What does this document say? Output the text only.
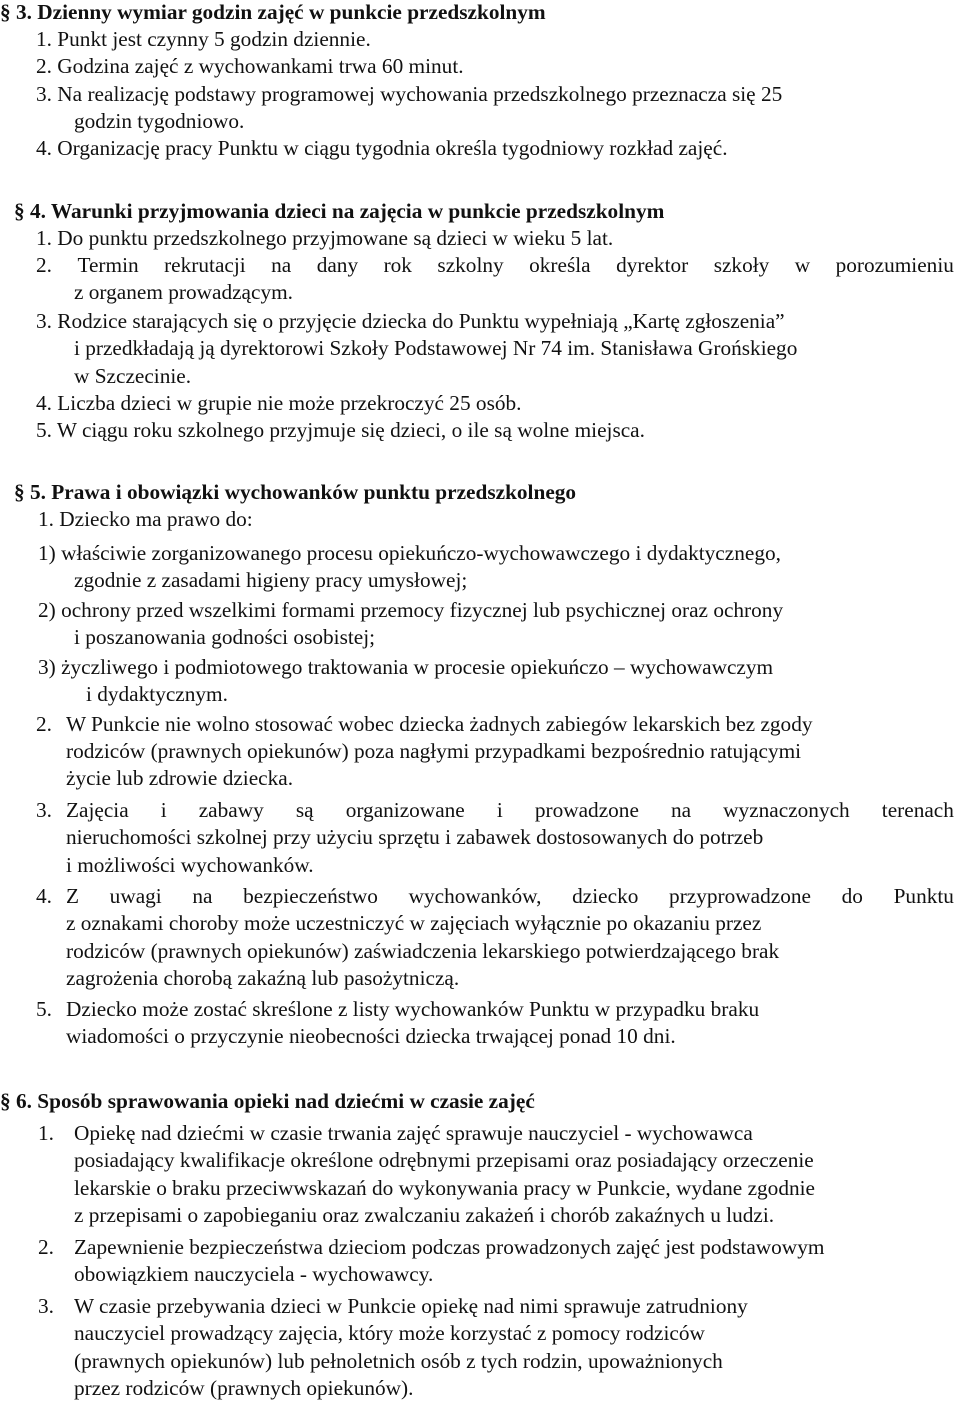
§ 3. Dzienny wymiar godzin zajęć w punkcie przedszkolnym
1. Punkt jest czynny 5 godzin dziennie.
2. Godzina zajęć z wychowankami trwa 60 minut.
3. Na realizację podstawy programowej wychowania przedszkolnego przeznacza się 25
godzin tygodniowo.
4. Organizację pracy Punktu w ciągu tygodnia określa tygodniowy rozkład zajęć.
§ 4. Warunki przyjmowania dzieci na zajęcia w punkcie przedszkolnym
1. Do punktu przedszkolnego przyjmowane są dzieci w wieku 5 lat.
2. Termin rekrutacji na dany rok szkolny określa dyrektor szkoły w porozumieniu
z organem prowadzącym.
3. Rodzice starających się o przyjęcie dziecka do Punktu wypełniają „Kartę zgłoszenia”
i przedkładają ją dyrektorowi Szkoły Podstawowej Nr 74 im. Stanisława Grońskiego
w Szczecinie.
4. Liczba dzieci w grupie nie może przekroczyć 25 osób.
5. W ciągu roku szkolnego przyjmuje się dzieci, o ile są wolne miejsca.
§ 5. Prawa i obowiązki wychowanków punktu przedszkolnego
1. Dziecko ma prawo do:
1) właściwie zorganizowanego procesu opiekuńczo-wychowawczego i dydaktycznego,
zgodnie z zasadami higieny pracy umysłowej;
2) ochrony przed wszelkimi formami przemocy fizycznej lub psychicznej oraz ochrony
i poszanowania godności osobistej;
3) życzliwego i podmiotowego traktowania w procesie opiekuńczo – wychowawczym
i dydaktycznym.
2. W Punkcie nie wolno stosować wobec dziecka żadnych zabiegów lekarskich bez zgody
rodziców (prawnych opiekunów) poza nagłymi przypadkami bezpośrednio ratującymi
życie lub zdrowie dziecka.
3. Zajęcia i zabawy są organizowane i prowadzone na wyznaczonych terenach
nieruchomości szkolnej przy użyciu sprzętu i zabawek dostosowanych do potrzeb
i możliwości wychowanków.
4. Z uwagi na bezpieczeństwo wychowanków, dziecko przyprowadzone do Punktu
z oznakami choroby może uczestniczyć w zajęciach wyłącznie po okazaniu przez
rodziców (prawnych opiekunów) zaświadczenia lekarskiego potwierdzającego brak
zagrożenia chorobą zakaźną lub pasożytniczą.
5. Dziecko może zostać skreślone z listy wychowanków Punktu w przypadku braku
wiadomości o przyczynie nieobecności dziecka trwającej ponad 10 dni.
§ 6. Sposób sprawowania opieki nad dziećmi w czasie zajęć
1. Opiekę nad dziećmi w czasie trwania zajęć sprawuje nauczyciel - wychowawca
posiadający kwalifikacje określone odrębnymi przepisami oraz posiadający orzeczenie
lekarskie o braku przeciwwskazań do wykonywania pracy w Punkcie, wydane zgodnie
z przepisami o zapobieganiu oraz zwalczaniu zakażeń i chorób zakaźnych u ludzi.
2. Zapewnienie bezpieczeństwa dzieciom podczas prowadzonych zajęć jest podstawowym
obowiązkiem nauczyciela - wychowawcy.
3. W czasie przebywania dzieci w Punkcie opiekę nad nimi sprawuje zatrudniony
nauczyciel prowadzący zajęcia, który może korzystać z pomocy rodziców
(prawnych opiekunów) lub pełnoletnich osób z tych rodzin, upoważnionych
przez rodziców (prawnych opiekunów).
